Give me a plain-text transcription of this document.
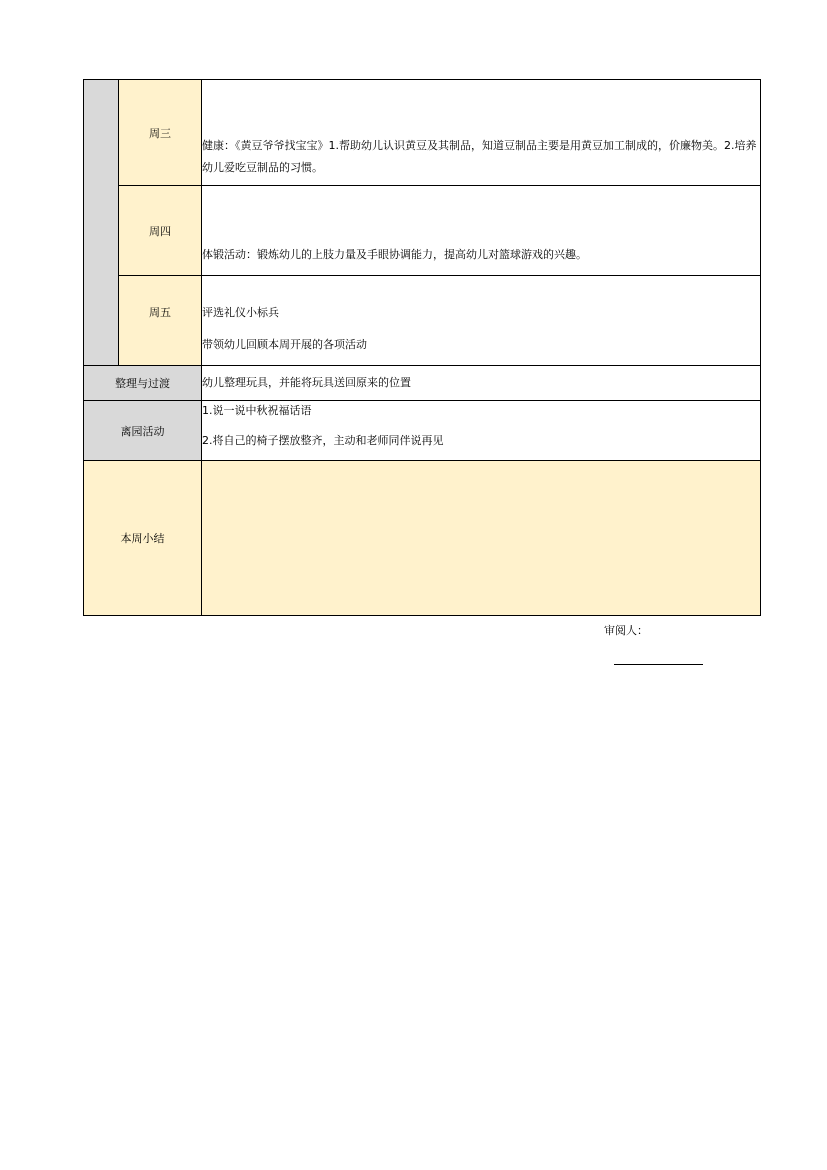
	周三	健康：《黄豆爷爷找宝宝》1.帮助幼儿认识黄豆及其制品，知道豆制品主要是用黄豆加工制成的，价廉物美。2.培养幼儿爱吃豆制品的习惯。

	周四	体锻活动：锻炼幼儿的上肢力量及手眼协调能力，提高幼儿对篮球游戏的兴趣。

	周五	评选礼仪小标兵

带领幼儿回顾本周开展的各项活动

整理与过渡		幼儿整理玩具，并能将玩具送回原来的位置
离园活动		1.说一说中秋祝福话语

2.将自己的椅子摆放整齐，主动和老师同伴说再见

本周小结		
审阅人：
